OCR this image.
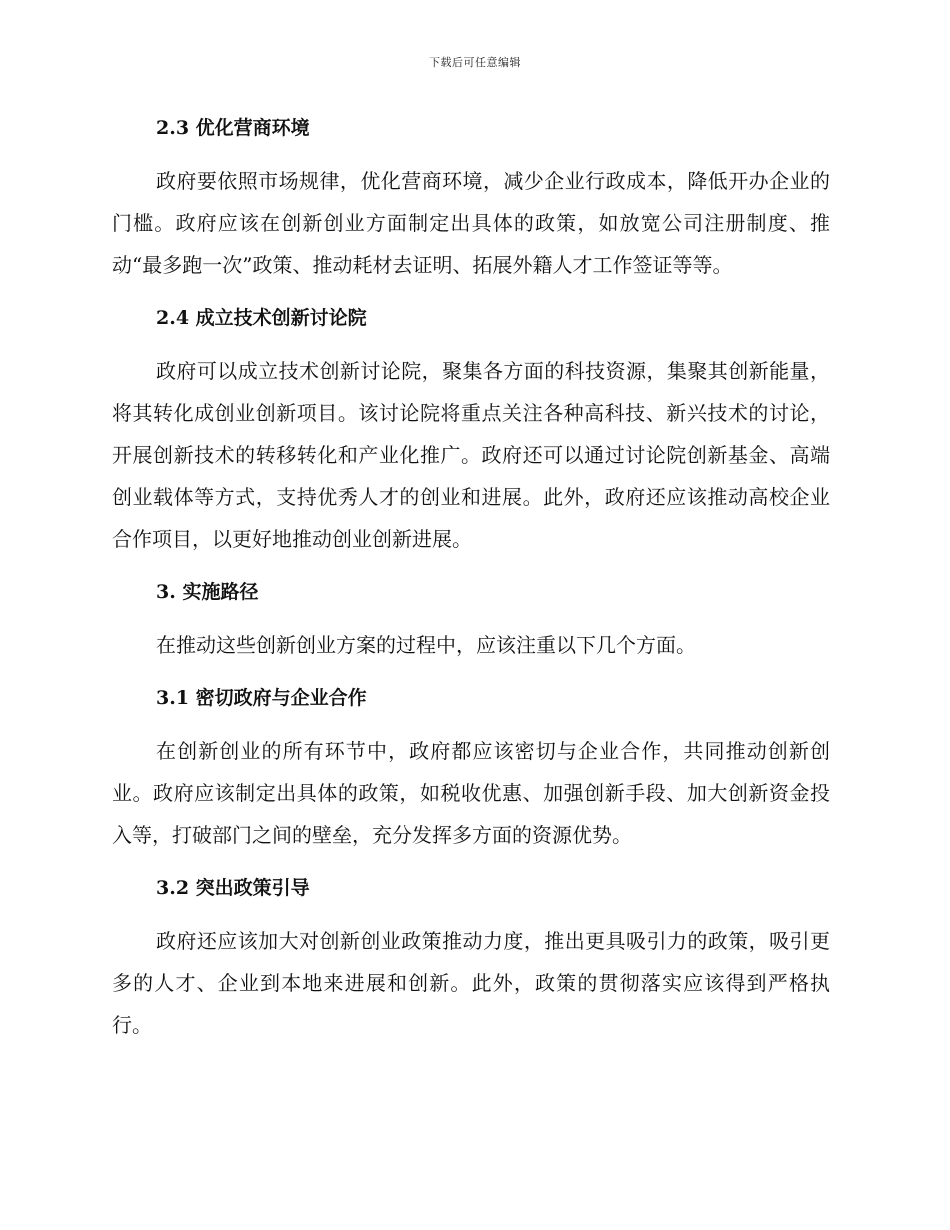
下载后可任意编辑
2.3 优化营商环境

政府要依照市场规律，优化营商环境，减少企业行政成本，降低开办企业的门槛。政府应该在创新创业方面制定出具体的政策，如放宽公司注册制度、推动“最多跑一次”政策、推动耗材去证明、拓展外籍人才工作签证等等。

2.4 成立技术创新讨论院

政府可以成立技术创新讨论院，聚集各方面的科技资源，集聚其创新能量，将其转化成创业创新项目。该讨论院将重点关注各种高科技、新兴技术的讨论，开展创新技术的转移转化和产业化推广。政府还可以通过讨论院创新基金、高端创业载体等方式，支持优秀人才的创业和进展。此外，政府还应该推动高校企业合作项目，以更好地推动创业创新进展。

3. 实施路径

在推动这些创新创业方案的过程中，应该注重以下几个方面。

3.1 密切政府与企业合作

在创新创业的所有环节中，政府都应该密切与企业合作，共同推动创新创业。政府应该制定出具体的政策，如税收优惠、加强创新手段、加大创新资金投入等，打破部门之间的壁垒，充分发挥多方面的资源优势。

3.2 突出政策引导

政府还应该加大对创新创业政策推动力度，推出更具吸引力的政策，吸引更多的人才、企业到本地来进展和创新。此外，政策的贯彻落实应该得到严格执行。
